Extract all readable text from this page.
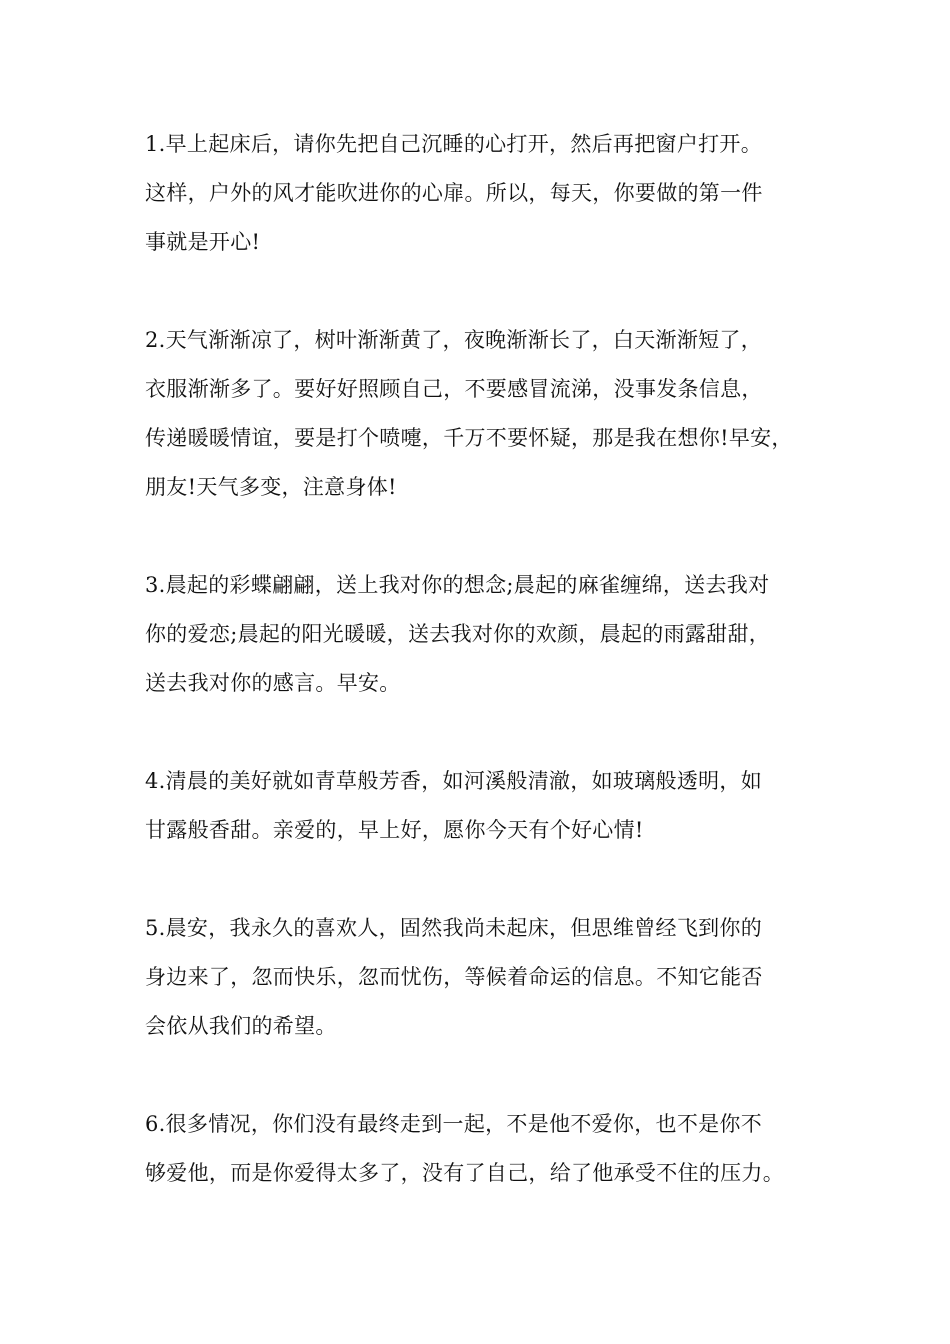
1.早上起床后，请你先把自己沉睡的心打开，然后再把窗户打开。
这样，户外的风才能吹进你的心扉。所以，每天，你要做的第一件
事就是开心!

2.天气渐渐凉了，树叶渐渐黄了，夜晚渐渐长了，白天渐渐短了，
衣服渐渐多了。要好好照顾自己，不要感冒流涕，没事发条信息，
传递暖暖情谊，要是打个喷嚏，千万不要怀疑，那是我在想你!早安，
朋友!天气多变，注意身体!

3.晨起的彩蝶翩翩，送上我对你的想念;晨起的麻雀缠绵，送去我对
你的爱恋;晨起的阳光暖暖，送去我对你的欢颜，晨起的雨露甜甜，
送去我对你的感言。早安。

4.清晨的美好就如青草般芳香，如河溪般清澈，如玻璃般透明，如
甘露般香甜。亲爱的，早上好，愿你今天有个好心情!

5.晨安，我永久的喜欢人，固然我尚未起床，但思维曾经飞到你的
身边来了，忽而快乐，忽而忧伤，等候着命运的信息。不知它能否
会依从我们的希望。

6.很多情况，你们没有最终走到一起，不是他不爱你，也不是你不
够爱他，而是你爱得太多了，没有了自己，给了他承受不住的压力。
